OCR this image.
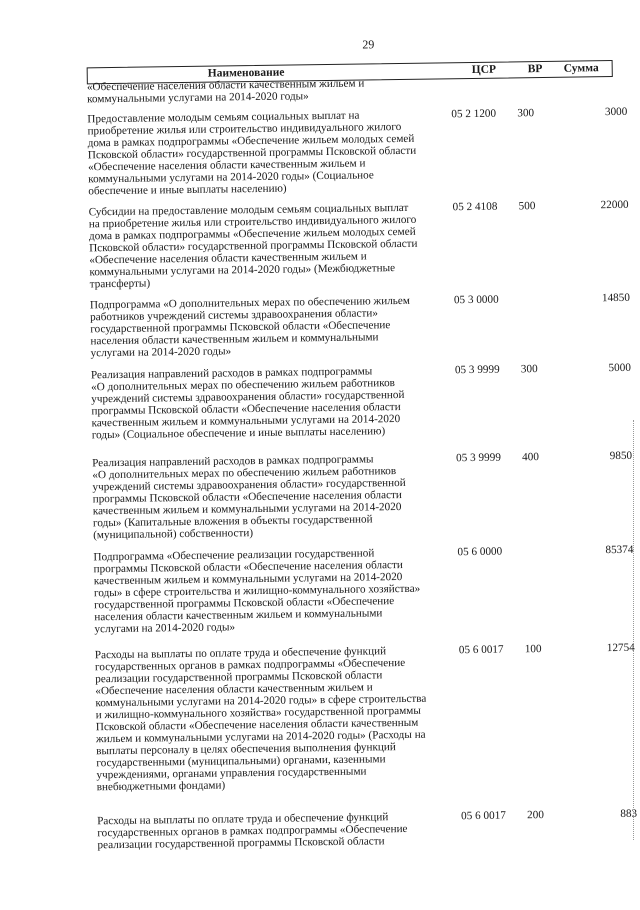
29
Наименование	ЦСР	ВР Сумма

«Обеспечение населения области качественным жильем и
коммунальными услугами на 2014-2020 годы»

Предоставление молодым семьям социальных выплат на
приобретение жилья или строительство индивидуального жилого
дома в рамках подпрограммы «Обеспечение жильем молодых семей
Псковской области» государственной программы Псковской области
«Обеспечение населения области качественным жильем и
коммунальными услугами на 2014-2020 годы» (Социальное
обеспечение и иные выплаты населению)

05 2 1200 300	3000

Субсидии на предоставление молодым семьям социальных выплат
на приобретение жилья или строительство индивидуального жилого
дома в рамках подпрограммы «Обеспечение жильем молодых семей
Псковской области» государственной программы Псковской области
«Обеспечение населения области качественным жильем и
коммунальными услугами на 2014-2020 годы» (Межбюджетные
трансферты)

05 2 4108 500	22000

Подпрограмма «О дополнительных мерах по обеспечению жильем
работников учреждений системы здравоохранения области»
государственной программы Псковской области «Обеспечение
населения области качественным жильем и коммунальными
услугами на 2014-2020 годы»

05 3 0000	14850

Реализация направлений расходов в рамках подпрограммы
«О дополнительных мерах по обеспечению жильем работников
учреждений системы здравоохранения области» государственной
программы Псковской области «Обеспечение населения области
качественным жильем и коммунальными услугами на 2014-2020
годы» (Социальное обеспечение и иные выплаты населению)

05 3 9999 300	5000

Реализация направлений расходов в рамках подпрограммы
«О дополнительных мерах по обеспечению жильем работников
учреждений системы здравоохранения области» государственной
программы Псковской области «Обеспечение населения области
качественным жильем и коммунальными услугами на 2014-2020
годы» (Капитальные вложения в объекты государственной
(муниципальной) собственности)

05 3 9999 400	9850

Подпрограмма «Обеспечение реализации государственной
программы Псковской области «Обеспечение населения области
качественным жильем и коммунальными услугами на 2014-2020
годы» в сфере строительства и жилищно-коммунального хозяйства»
государственной программы Псковской области «Обеспечение
населения области качественным жильем и коммунальными
услугами на 2014-2020 годы»

05 6 0000	85374

Расходы на выплаты по оплате труда и обеспечение функций
государственных органов в рамках подпрограммы «Обеспечение
реализации государственной программы Псковской области
«Обеспечение населения области качественным жильем и
коммунальными услугами на 2014-2020 годы» в сфере строительства
и жилищно-коммунального хозяйства» государственной программы
Псковской области «Обеспечение населения области качественным
жильем и коммунальными услугами на 2014-2020 годы» (Расходы на
выплаты персоналу в целях обеспечения выполнения функций
государственными (муниципальными) органами, казенными
учреждениями, органами управления государственными
внебюджетными фондами)

05 6 0017 100	12754

Расходы на выплаты по оплате труда и обеспечение функций
государственных органов в рамках подпрограммы «Обеспечение
реализации государственной программы Псковской области

05 6 0017 200	883
